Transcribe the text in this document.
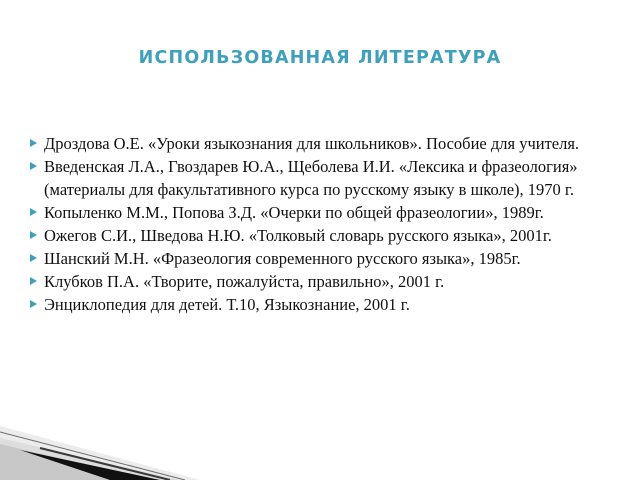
ИСПОЛЬЗОВАННАЯ ЛИТЕРАТУРА
Дроздова О.Е. «Уроки языкознания для школьников». Пособие для учителя.
Введенская Л.А., Гвоздарев Ю.А., Щеболева И.И. «Лексика и фразеология» (материалы для факультативного курса по русскому языку в школе), 1970 г.
Копыленко М.М., Попова З.Д. «Очерки по общей фразеологии», 1989г.
Ожегов С.И., Шведова Н.Ю. «Толковый словарь русского языка», 2001г.
Шанский М.Н. «Фразеология современного русского языка», 1985г.
Клубков П.А. «Творите, пожалуйста, правильно», 2001 г.
Энциклопедия для детей. Т.10, Языкознание, 2001 г.
